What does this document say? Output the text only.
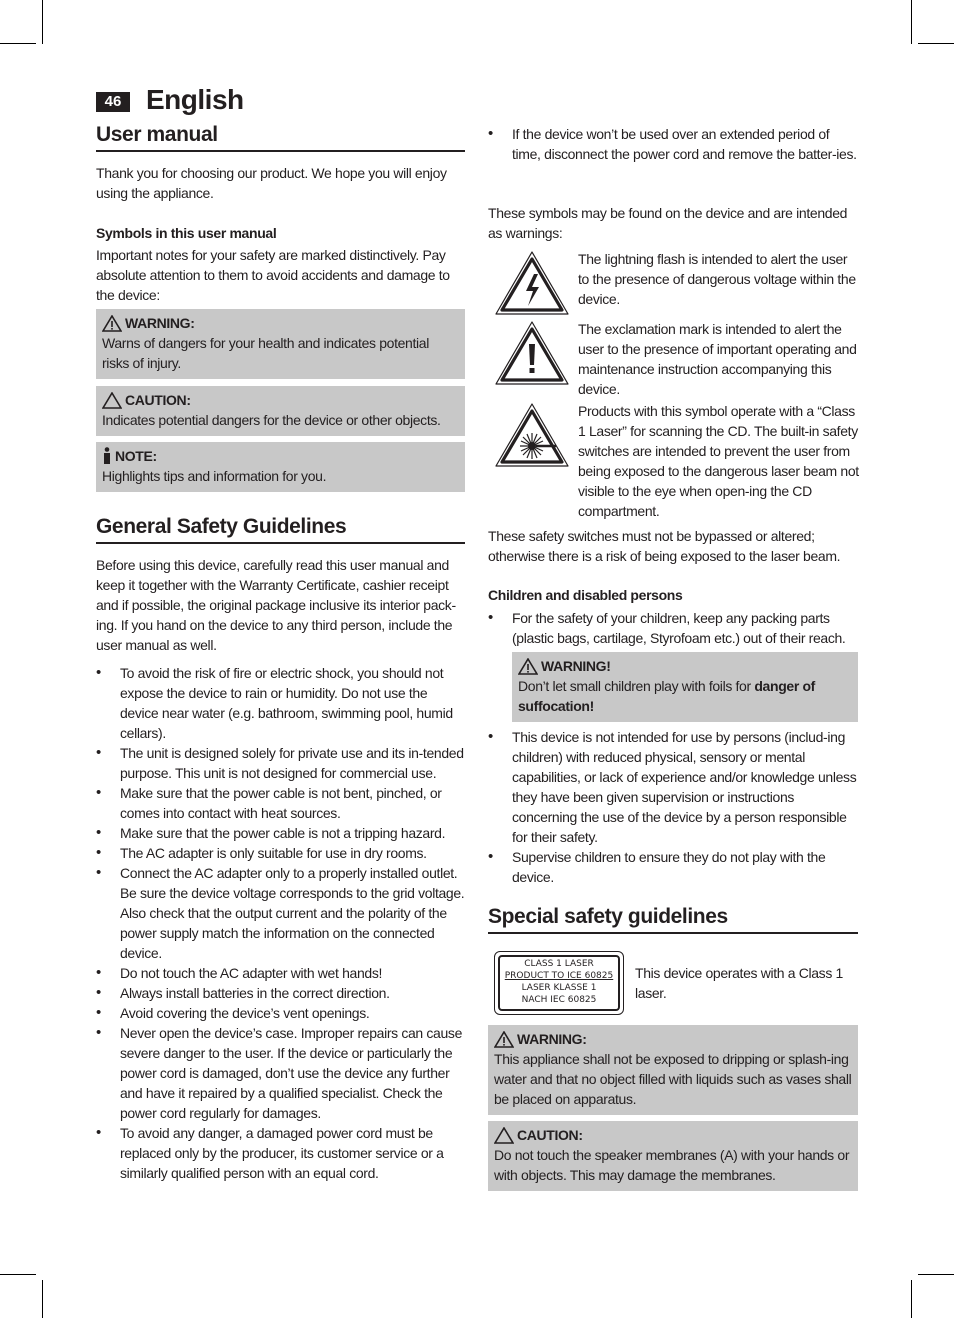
46 English
User manual

Thank you for choosing our product. We hope you will enjoy using the appliance.

Symbols in this user manual

Important notes for your safety are marked distinctively. Pay absolute attention to them to avoid accidents and damage to the device:

WARNING:
Warns of dangers for your health and indicates potential risks of injury.
CAUTION:
Indicates potential dangers for the device or other objects.
NOTE:
Highlights tips and information for you.
General Safety Guidelines

Before using this device, carefully read this user manual and keep it together with the Warranty Certificate, cashier receipt and if possible, the original package inclusive its interior pack-ing. If you hand on the device to any third person, include the user manual as well.

• To avoid the risk of fire or electric shock, you should not expose the device to rain or humidity. Do not use the device near water (e.g. bathroom, swimming pool, humid cellars).
• The unit is designed solely for private use and its in-tended purpose. This unit is not designed for commercial use.
• Make sure that the power cable is not bent, pinched, or comes into contact with heat sources.
• Make sure that the power cable is not a tripping hazard.
• The AC adapter is only suitable for use in dry rooms.
• Connect the AC adapter only to a properly installed outlet. Be sure the device voltage corresponds to the grid voltage. Also check that the output current and the polarity of the power supply match the information on the connected device.
• Do not touch the AC adapter with wet hands!
• Always install batteries in the correct direction.
• Avoid covering the device’s vent openings.
• Never open the device’s case. Improper repairs can cause severe danger to the user. If the device or particularly the power cord is damaged, don’t use the device any further and have it repaired by a qualified specialist. Check the power cord regularly for damages.
• To avoid any danger, a damaged power cord must be replaced only by the producer, its customer service or a similarly qualified person with an equal cord.
• If the device won’t be used over an extended period of time, disconnect the power cord and remove the batter-ies.

These symbols may be found on the device and are intended as warnings:

The lightning flash is intended to alert the user to the presence of dangerous voltage within the device.

The exclamation mark is intended to alert the user to the presence of important operating and maintenance instruction accompanying this device.

Products with this symbol operate with a “Class 1 Laser” for scanning the CD. The built-in safety switches are intended to prevent the user from being exposed to the dangerous laser beam not visible to the eye when open-ing the CD compartment.

These safety switches must not be bypassed or altered; otherwise there is a risk of being exposed to the laser beam.

Children and disabled persons
• For the safety of your children, keep any packing parts (plastic bags, cartilage, Styrofoam etc.) out of their reach.
WARNING!
Don’t let small children play with foils for danger of suffocation!
• This device is not intended for use by persons (includ-ing children) with reduced physical, sensory or mental capabilities, or lack of experience and/or knowledge unless they have been given supervision or instructions concerning the use of the device by a person responsible for their safety.
• Supervise children to ensure they do not play with the device.
Special safety guidelines
CLASS 1 LASER
PRODUCT TO ICE 60825
LASER KLASSE 1
NACH IEC 60825

This device operates with a Class 1 laser.

WARNING:
This appliance shall not be exposed to dripping or splash-ing water and that no object filled with liquids such as vases shall be placed on apparatus.
CAUTION:
Do not touch the speaker membranes (A) with your hands or with objects. This may damage the membranes.
